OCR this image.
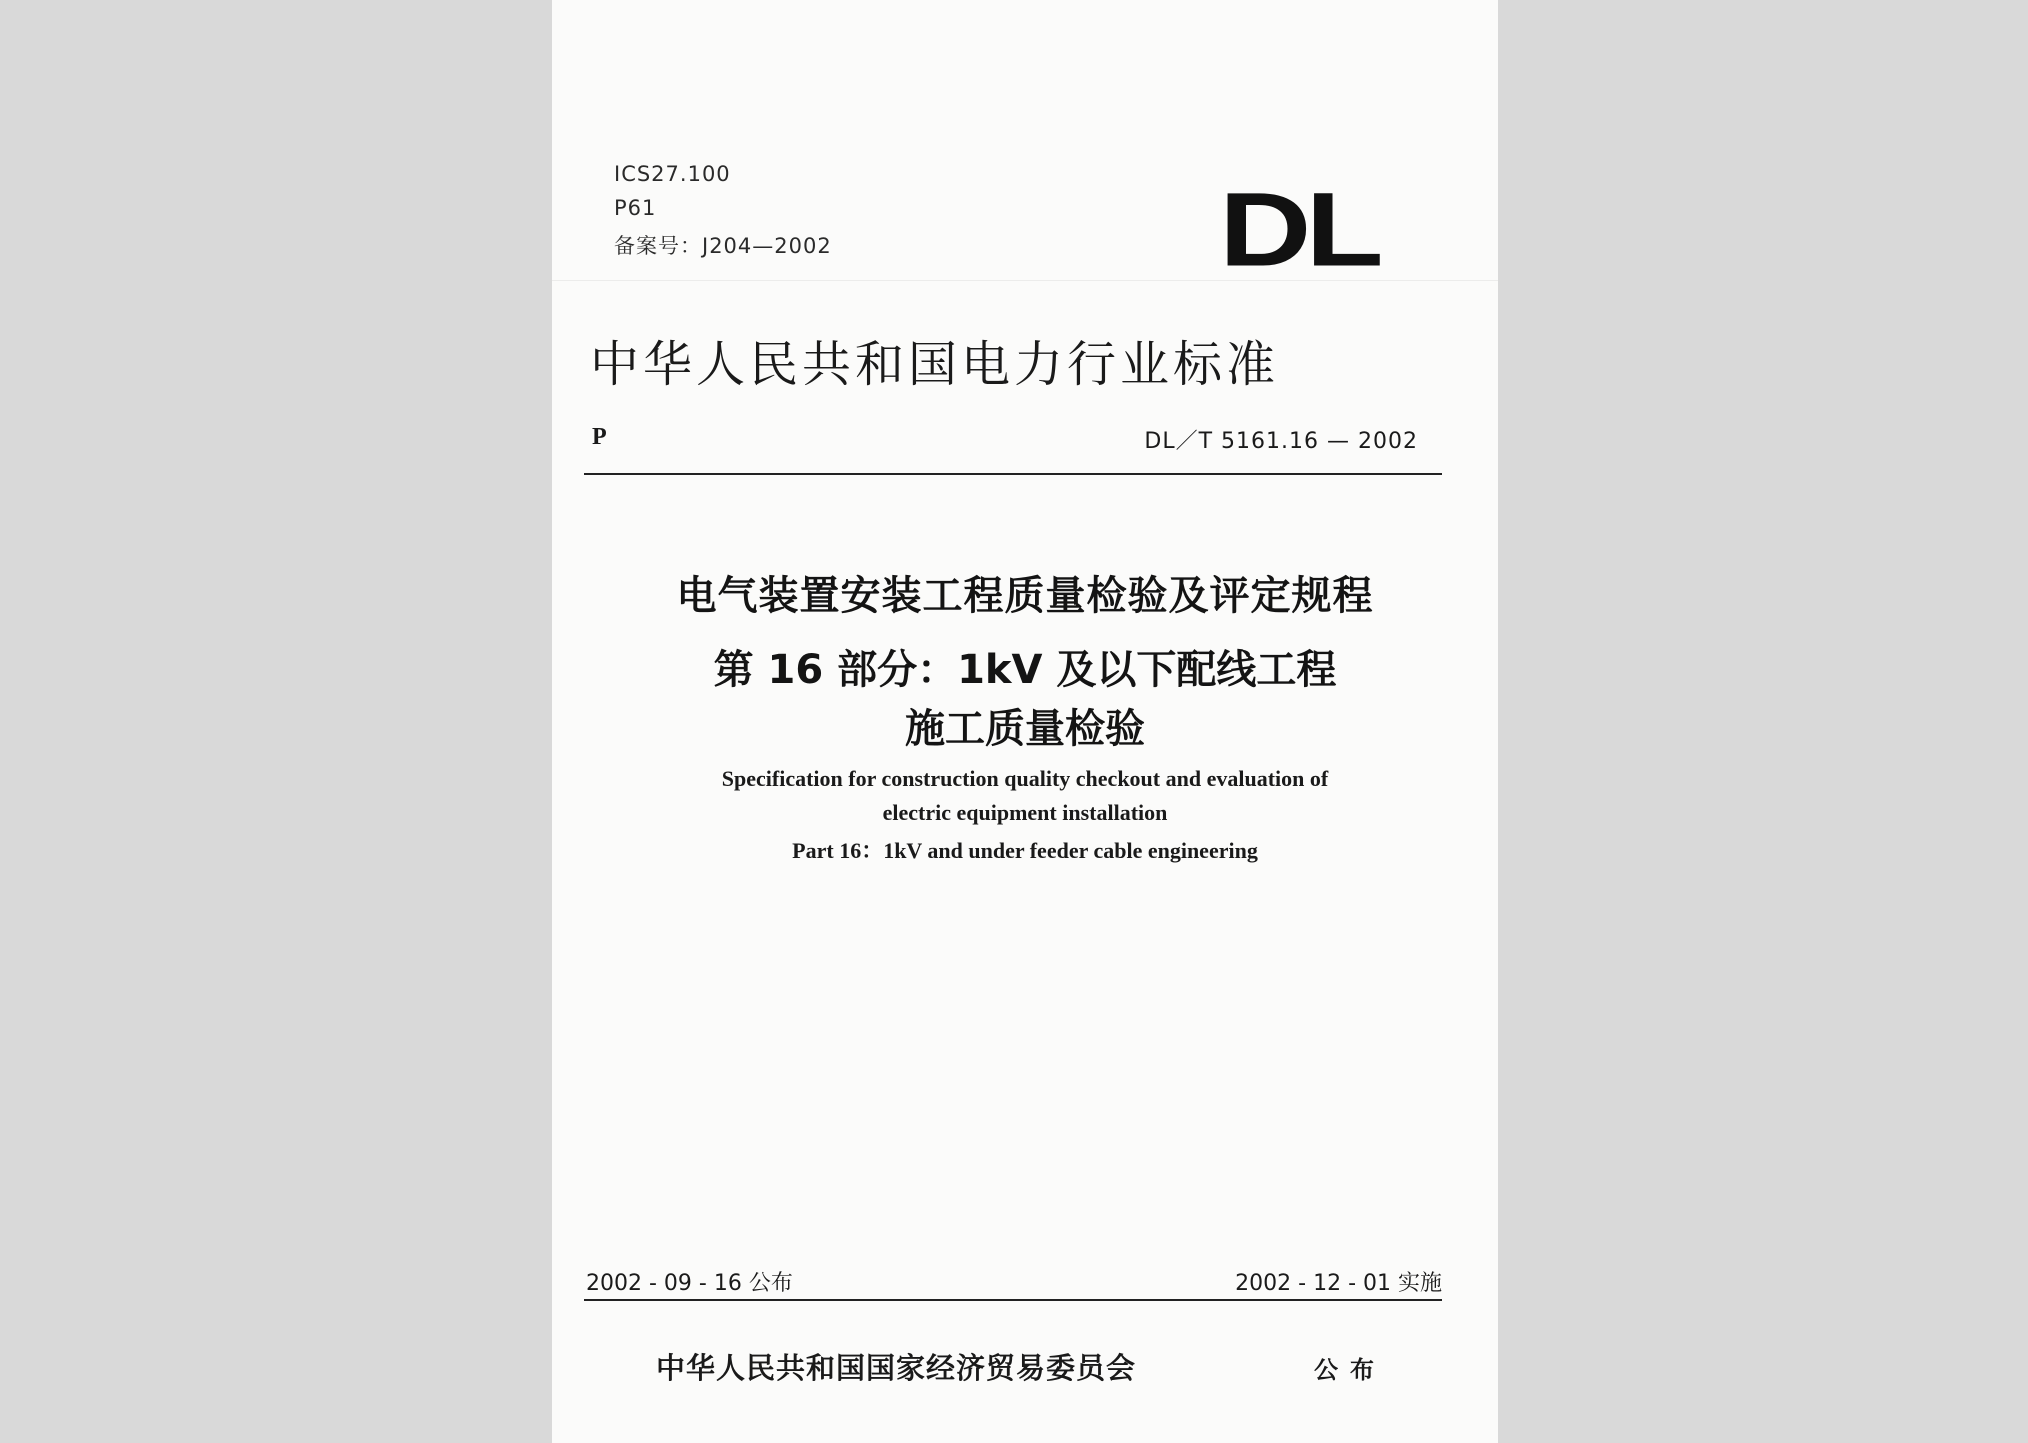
ICS27.100
P61
备案号：J204—2002	DL
中华人民共和国电力行业标准
P	DL／T 5161.16 — 2002
电气装置安装工程质量检验及评定规程
第 16 部分：1kV 及以下配线工程
施工质量检验
Specification for construction quality checkout and evaluation of
electric equipment installation
Part 16：1kV and under feeder cable engineering
2002 - 09 - 16 公布	2002 - 12 - 01 实施
中华人民共和国国家经济贸易委员会	公布
